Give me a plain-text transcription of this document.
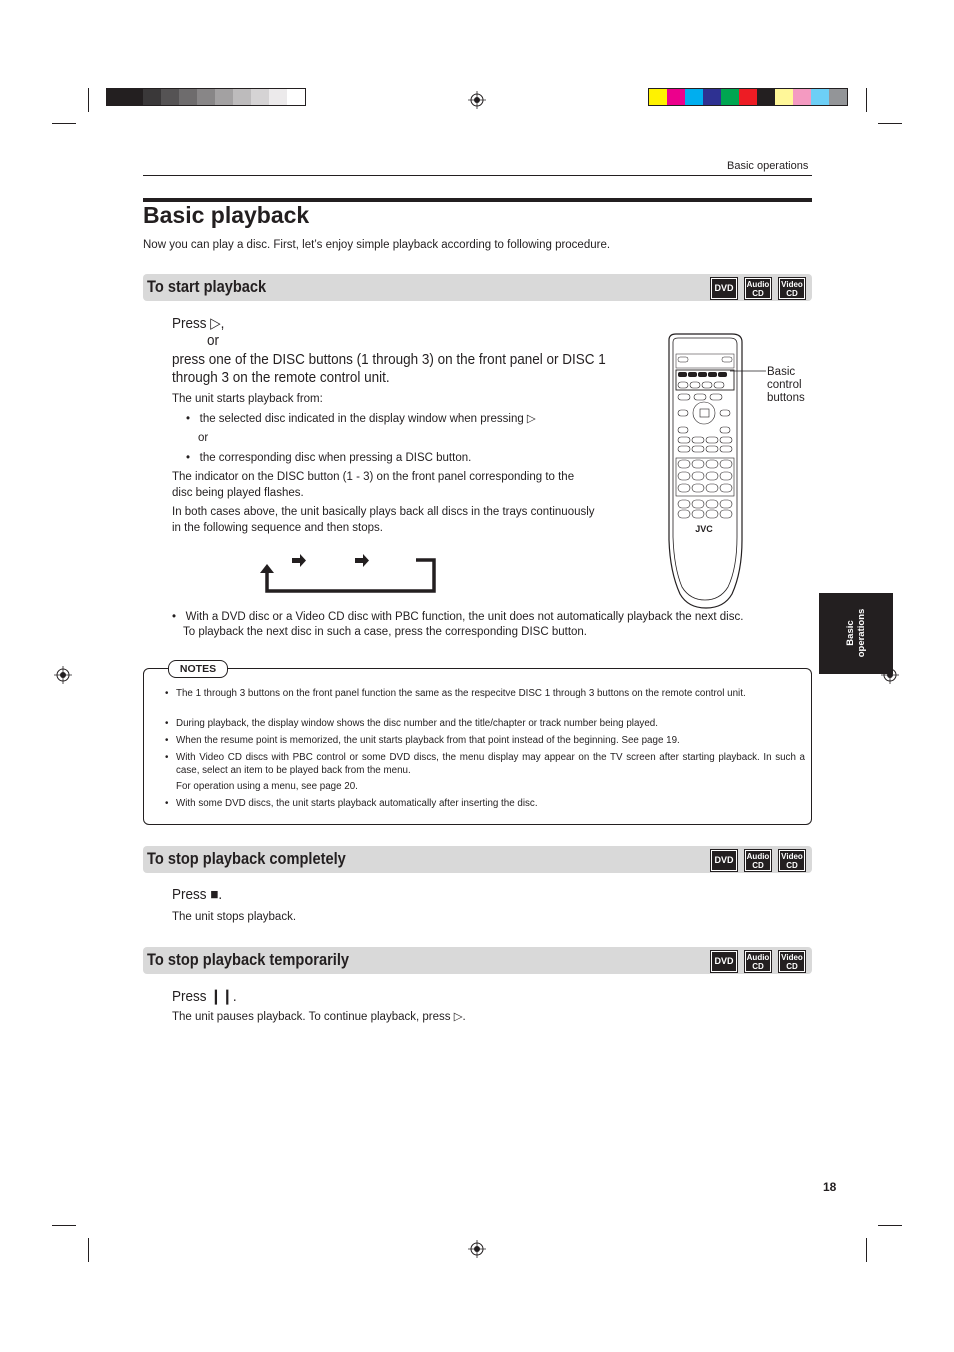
Basic operations
Basic playback
Now you can play a disc. First, let’s enjoy simple playback according to following procedure.
To start playback	DVD Audio
CD
Video
CD
Press ▷,
or
press one of the DISC buttons (1 through 3) on the front panel or DISC 1
through 3 on the remote control unit.
The unit starts playback from:
•   the selected disc indicated in the display window when pressing ▷
or
•   the corresponding disc when pressing a DISC button.
The indicator on the DISC button (1 - 3) on the front panel corresponding to the
disc being played flashes.
In both cases above, the unit basically plays back all discs in the trays continuously
in the following sequence and then stops.	JVC
Basic
control
buttons
•   With a DVD disc or a Video CD disc with PBC function, the unit does not automatically playback the next disc.
To playback the next disc in such a case, press the corresponding DISC button.
NOTES
• The 1 through 3 buttons on the front panel function the same as the respecitve DISC 1 through 3 buttons on the remote control unit.
• During playback, the display window shows the disc number and the title/chapter or track number being played.
• When the resume point is memorized, the unit starts playback from that point instead of the beginning. See page 19.
• With Video CD discs with PBC control or some DVD discs, the menu display may appear on the TV screen after starting playback. In such a case, select an item to be played back from the menu.
For operation using a menu, see page 20.
• With some DVD discs, the unit starts playback automatically after inserting the disc.
To stop playback completely	DVD Audio
CD
Video
CD
Press ■.
The unit stops playback.
To stop playback temporarily	DVD Audio
CD
Video
CD
Press ❙❙.
The unit pauses playback. To continue playback, press ▷.
Basic operations
18
